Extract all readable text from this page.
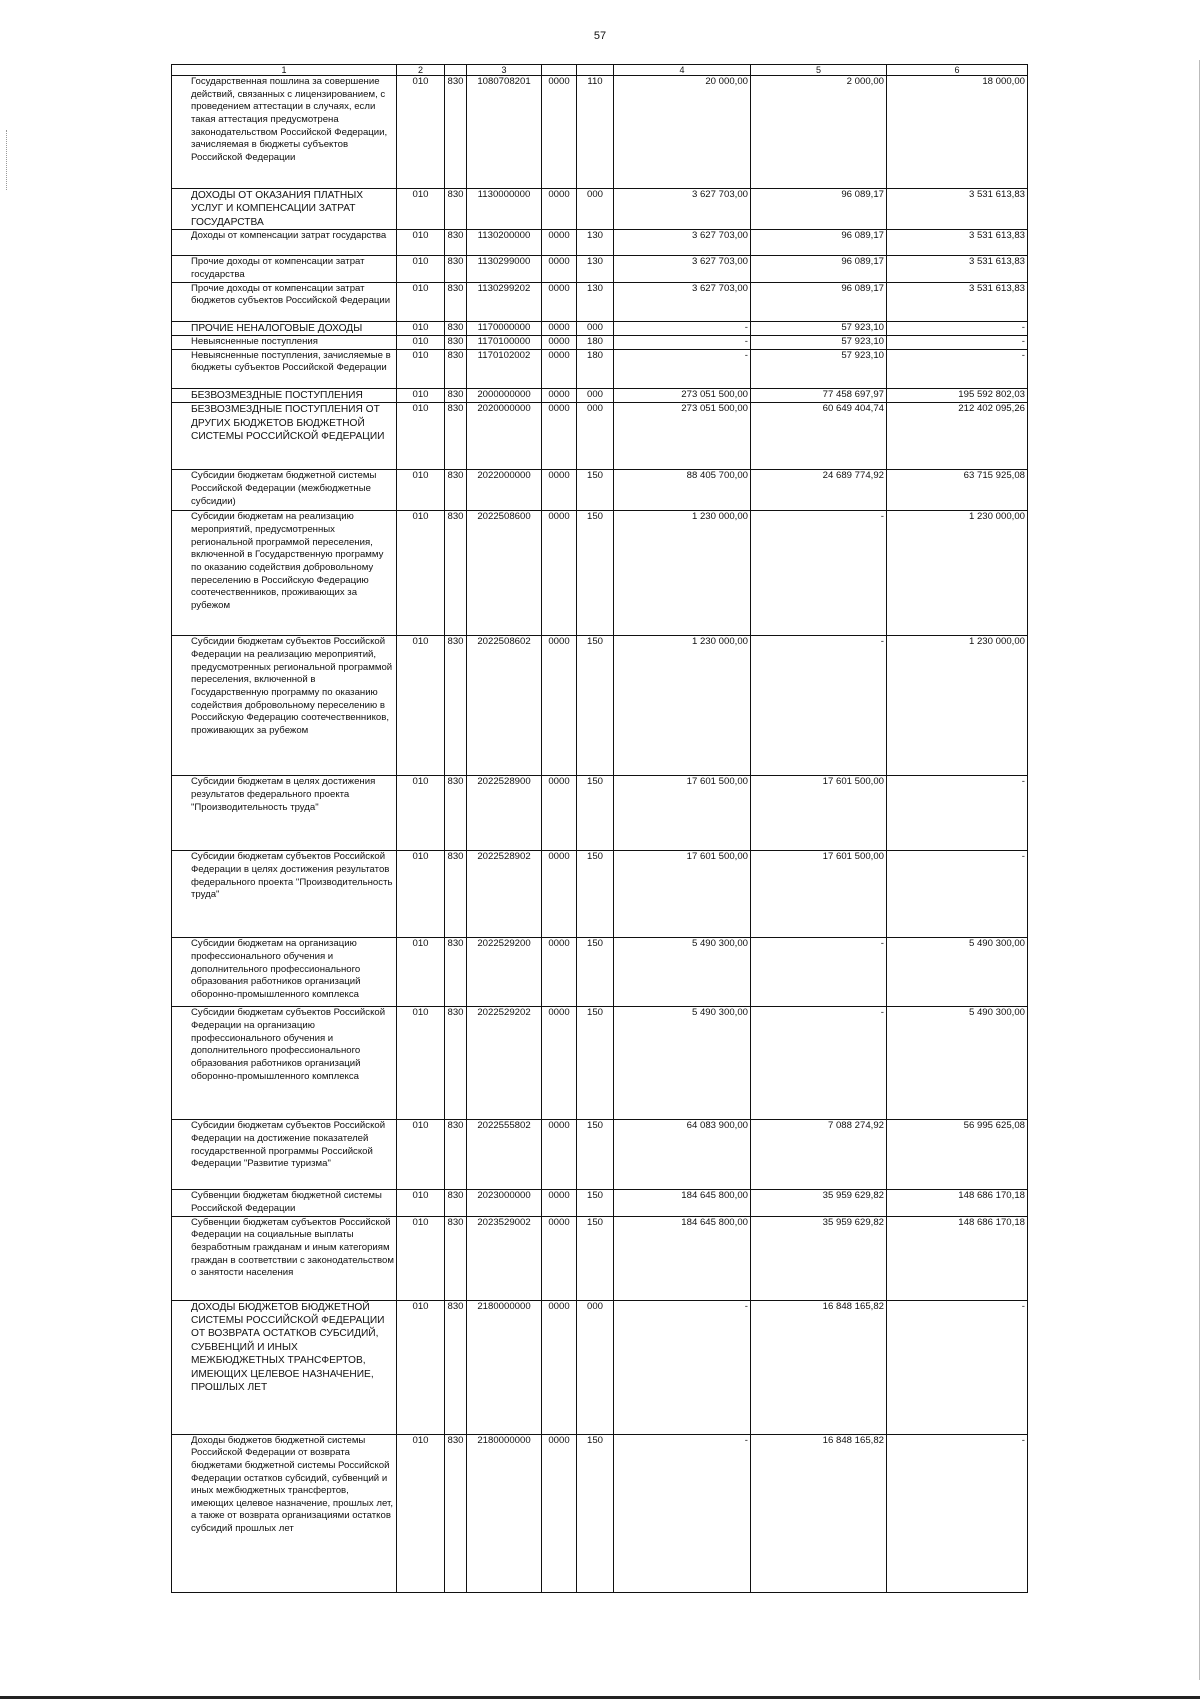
57
1	2		3			4	5	6
Государственная пошлина за совершение действий, связанных с лицензированием, с проведением аттестации в случаях, если такая аттестация предусмотрена законодательством Российской Федерации, зачисляемая в бюджеты субъектов Российской Федерации	010	830	1080708201	0000	110	20 000,00	2 000,00	18 000,00
ДОХОДЫ ОТ ОКАЗАНИЯ ПЛАТНЫХ УСЛУГ И КОМПЕНСАЦИИ ЗАТРАТ ГОСУДАРСТВА	010	830	1130000000	0000	000	3 627 703,00	96 089,17	3 531 613,83
Доходы от компенсации затрат государства	010	830	1130200000	0000	130	3 627 703,00	96 089,17	3 531 613,83
Прочие доходы от компенсации затрат государства	010	830	1130299000	0000	130	3 627 703,00	96 089,17	3 531 613,83
Прочие доходы от компенсации затрат бюджетов субъектов Российской Федерации	010	830	1130299202	0000	130	3 627 703,00	96 089,17	3 531 613,83
ПРОЧИЕ НЕНАЛОГОВЫЕ ДОХОДЫ	010	830	1170000000	0000	000	-	57 923,10	-
Невыясненные поступления	010	830	1170100000	0000	180	-	57 923,10	-
Невыясненные поступления, зачисляемые в бюджеты субъектов Российской Федерации	010	830	1170102002	0000	180	-	57 923,10	-
БЕЗВОЗМЕЗДНЫЕ ПОСТУПЛЕНИЯ	010	830	2000000000	0000	000	273 051 500,00	77 458 697,97	195 592 802,03
БЕЗВОЗМЕЗДНЫЕ ПОСТУПЛЕНИЯ ОТ ДРУГИХ БЮДЖЕТОВ БЮДЖЕТНОЙ СИСТЕМЫ РОССИЙСКОЙ ФЕДЕРАЦИИ	010	830	2020000000	0000	000	273 051 500,00	60 649 404,74	212 402 095,26
Субсидии бюджетам бюджетной системы Российской Федерации (межбюджетные субсидии)	010	830	2022000000	0000	150	88 405 700,00	24 689 774,92	63 715 925,08
Субсидии бюджетам на реализацию мероприятий, предусмотренных региональной программой переселения, включенной в Государственную программу по оказанию содействия добровольному переселению в Российскую Федерацию соотечественников, проживающих за рубежом	010	830	2022508600	0000	150	1 230 000,00	-	1 230 000,00
Субсидии бюджетам субъектов Российской Федерации на реализацию мероприятий, предусмотренных региональной программой переселения, включенной в Государственную программу по оказанию содействия добровольному переселению в Российскую Федерацию соотечественников, проживающих за рубежом	010	830	2022508602	0000	150	1 230 000,00	-	1 230 000,00
Субсидии бюджетам в целях достижения результатов федерального проекта "Производительность труда"	010	830	2022528900	0000	150	17 601 500,00	17 601 500,00	-
Субсидии бюджетам субъектов Российской Федерации в целях достижения результатов федерального проекта "Производительность труда"	010	830	2022528902	0000	150	17 601 500,00	17 601 500,00	-
Субсидии бюджетам на организацию профессионального обучения и дополнительного профессионального образования работников организаций оборонно-промышленного комплекса	010	830	2022529200	0000	150	5 490 300,00	-	5 490 300,00
Субсидии бюджетам субъектов Российской Федерации на организацию профессионального обучения и дополнительного профессионального образования работников организаций оборонно-промышленного комплекса	010	830	2022529202	0000	150	5 490 300,00	-	5 490 300,00
Субсидии бюджетам субъектов Российской Федерации на достижение показателей государственной программы Российской Федерации "Развитие туризма"	010	830	2022555802	0000	150	64 083 900,00	7 088 274,92	56 995 625,08
Субвенции бюджетам бюджетной системы Российской Федерации	010	830	2023000000	0000	150	184 645 800,00	35 959 629,82	148 686 170,18
Субвенции бюджетам субъектов Российской Федерации на социальные выплаты безработным гражданам и иным категориям граждан в соответствии с законодательством о занятости населения	010	830	2023529002	0000	150	184 645 800,00	35 959 629,82	148 686 170,18
ДОХОДЫ БЮДЖЕТОВ БЮДЖЕТНОЙ СИСТЕМЫ РОССИЙСКОЙ ФЕДЕРАЦИИ ОТ ВОЗВРАТА ОСТАТКОВ СУБСИДИЙ, СУБВЕНЦИЙ И ИНЫХ МЕЖБЮДЖЕТНЫХ ТРАНСФЕРТОВ, ИМЕЮЩИХ ЦЕЛЕВОЕ НАЗНАЧЕНИЕ, ПРОШЛЫХ ЛЕТ	010	830	2180000000	0000	000	-	16 848 165,82	-
Доходы бюджетов бюджетной системы Российской Федерации от возврата бюджетами бюджетной системы Российской Федерации остатков субсидий, субвенций и иных межбюджетных трансфертов, имеющих целевое назначение, прошлых лет, а также от возврата организациями остатков субсидий прошлых лет	010	830	2180000000	0000	150	-	16 848 165,82	-
